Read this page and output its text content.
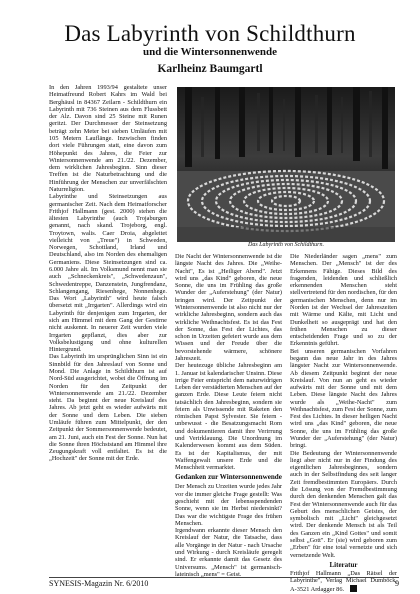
Das Labyrinth von Schildthurn
und die Wintersonnenwende
Karlheinz Baumgartl

In den Jahren 1993/94 gestaltete unser Heimatfreund Robert Kahrs im Wald bei Berghäusl in 84367 Zeilarn - Schildthurn ein Labyrinth mit 736 Steinen aus dem Flussbett der Alz. Davon sind 25 Steine mit Runen geritzt. Der Durchmesser der Steinsetzung beträgt zehn Meter bei sieben Umläufen mit 105 Metern Lauflänge. Inzwischen finden dort viele Führungen statt, eine davon zum Höhepunkt des Jahres, die Feier zur Wintersonnenwende am 21./22. Dezember, dem wirklichen Jahresbeginn. Sinn dieser Treffen ist die Naturbetrachtung und die Hinführung der Menschen zur unverfälschten Naturreligion.

Labyrinthe und Steinsetzungen aus germanischer Zeit. Nach dem Heimatforscher Frithjof Hallmann (gest. 2000) stehen die ältesten Labyrinthe (auch Trojaburgen genannt, nach skand. Trojeborg, engl. Troytown, walis. Caer Droia, abgeleitet vielleicht von „Treue") in Schweden, Norwegen, Schottland, Irland und Deutschland, also im Norden des ehemaligen Germaniens. Diese Steinsetzungen sind ca. 6.000 Jahre alt. Im Volksmund nennt man sie auch „Schneckenkreis", „Schwedenzaun", Schwedentreppe, Danzenstein, Jungfrendanz, Schlangengang, Riesenhege, Nonnenhege. Das Wort „Labyrinth" wird heute falsch übersetzt mit „Irrgarten". Allerdings wird ein Labyrinth für denjenigen zum Irrgarten, der sich am Himmel mit dem Gang der Gestirne nicht auskennt. In neuerer Zeit wurden viele Irrgarten gepflanzt, dies aber zur Volksbelustigung und ohne kulturellen Hintergrund.

Das Labyrinth im ursprünglichen Sinn ist ein Sinnbild für den Jahreslauf von Sonne und Mond. Die Anlage in Schildthurn ist auf Nord-Süd ausgerichtet, wobei die Öffnung im Norden für den Zeitpunkt der Wintersonnenwende am 21./22. Dezember steht. Da beginnt der neue Kreislauf des Jahres. Ab jetzt geht es wieder aufwärts mit der Sonne und dem Leben. Die sieben Umläufe führen zum Mittelpunkt, der den Zeitpunkt der Sommersonnenwende bedeutet, am 21. Juni, auch ein Fest der Sonne. Nun hat die Sonne ihren Höchststand am Himmel ihre Zeugungskraft voll entfaltet. Es ist die „Hochzeit" der Sonne mit der Erde.

Das Labyrinth von Schildthurn.

Die Nacht der Wintersonnenwende ist die längste Nacht des Jahres. Die „Weihe-Nacht", Es ist „Heiliger Abend". Jetzt wird uns „das Kind" geboren, die neue Sonne, die uns im Frühling das große Wunder der „Auferstehung" (der Natur) bringen wird. Der Zeitpunkt der Wintersonnenwende ist also nicht nur der wirkliche Jahresbeginn, sondern auch das wirkliche Weihnachtsfest. Es ist das Fest der Sonne, das Fest der Lichtes, das schon in Urzeiten gefeiert wurde aus dem Wissen und der Freude über die bevorstehende wärmere, schönere Jahreszeit.

Der heutezuge übliche Jahresbeginn am 1. Januar ist kalendarischer Unsinn. Diese irrige Feier entspricht dem naturwidrigen Leben der verstädterten Menschen auf der ganzen Erde. Diese Leute feiern nicht tatsächlich den Jahresbeginn, sondern sie feiern als Unwissende mit Raketen den römischen Papst Sylvester. Sie feiern - unbewusst - die Besatzungsmacht Rom und dokumentieren damit ihre Verirrung und Verirklauung. Die Unordnung im Kalenderwesen kommt aus dem Süden. Es ist der Kapitalismus, der mit Waffengewalt unsere Erde und die Menschheit vermarktet.

Gedanken zur Wintersonnenwende

Der Mensch zu Urzeiten wurde jedes Jahr vor die immer gleiche Frage gestellt: Was geschieht mit der lebensspendenden Sonne, wenn sie im Herbst niedersinkt? Das war die wichtigste Frage des frühen Menschen.

Irgendwann erkannte dieser Mensch den Kreislauf der Natur, die Tatsache, dass alle Vorgänge in der Natur - nach Ursache und Wirkung - durch Kreisläufe geregelt sind. Er erkannte damit das Gesetz des Universums. „Mensch" ist germanisch-lateinisch „mens" = Geist.

Die Niederländer sagen „mens" zum Menschen. Der „Mensch" ist der des Erkennens Fähige. Dieses Bild des fragenden, leidenden und schließlich erkennenden Menschen steht stellvertretend für den nordischen, für den germanischen Menschen, denn nur im Norden ist der Wechsel der Jahreszeiten mit Wärme und Kälte, mit Licht und Dunkelheit so ausgeprägt und hat den frühen Menschen zu dieser entscheidenden Frage und so zu der Erkenntnis geführt.

Bei unseren germanischen Vorfahren begann das neue Jahr in des Jahres längster Nacht zur Wintersonnenwende. Ab diesem Zeitpunkt beginnt der neue Kreislauf. Von nun an geht es wieder aufwärts mit der Sonne und mit dem Leben. Diese längste Nacht des Jahres wurde als „Weihe-Nacht" zum Weihnachtsfest, zum Fest der Sonne, zum Fest des Lichtes. In dieser heiligen Nacht wird uns „das Kind" geboren, die neue Sonne, die uns im Frühling das große Wunder der „Auferstehung" (der Natur) bringt.

Die Bedeutung der Wintersonnenwende liegt aber nicht nur in der Findung des eigentlichen Jahresbeginnes, sondern auch in der Selbstfindung des seit langer Zeit fremdbestimmten Europäers. Durch die Lösung von der Fremdbestimmung durch den denkenden Menschen galt das Fest der Wintersonnenwende auch für das Geburt des menschlichen Geistes, der symbolisch mit „Licht" gleichgesetzt wird. Der denkende Mensch ist als Teil des Ganzen ein „Kind Gottes" und somit selbst „Gott". Er (sie) wird geboren zum „Erben" für eine total vernetzte und sich vernetzende Welt.

Literatur

Frithjof Hallmann „Das Rätsel der Labyrinthe", Verlag Michael Dumböck, A-3521 Ardagger 86.

SYNESIS-Magazin Nr. 6/2010	9
